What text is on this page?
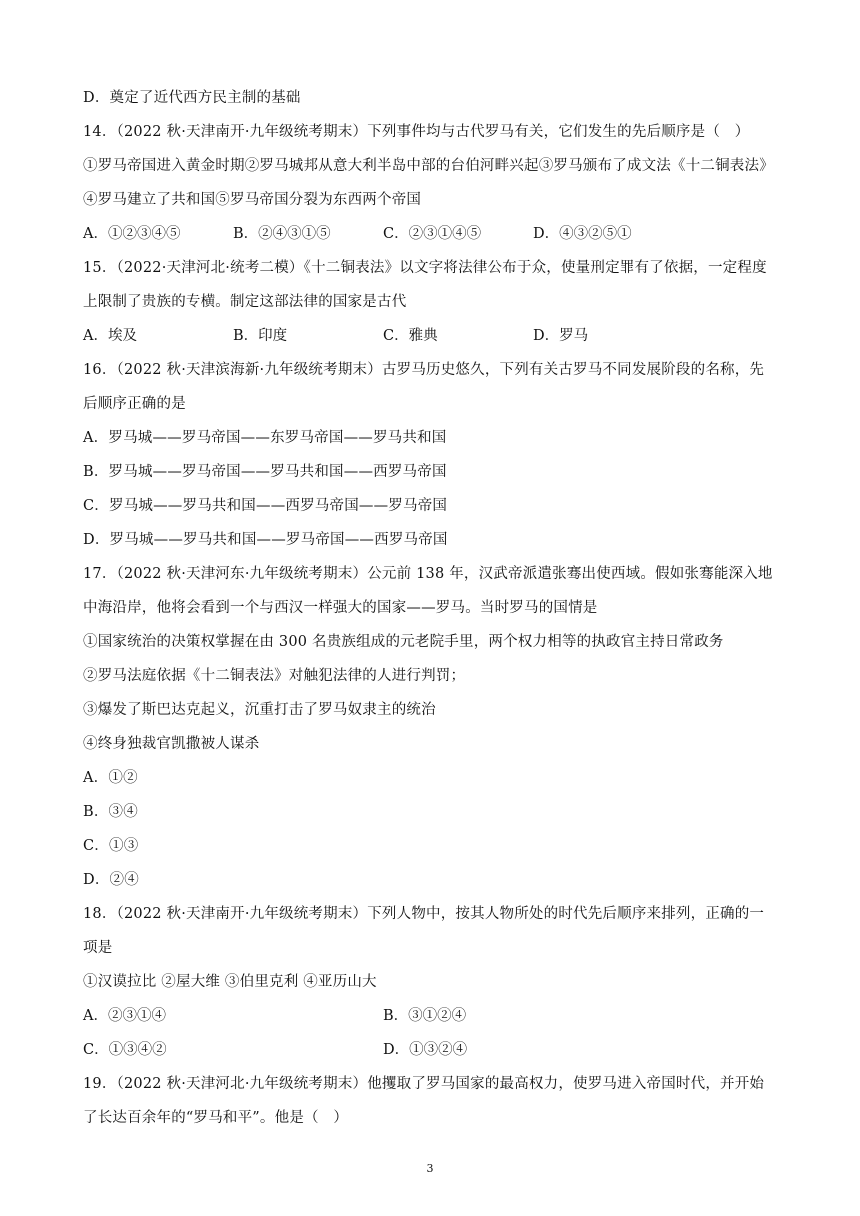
D．奠定了近代西方民主制的基础
14．（2022 秋·天津南开·九年级统考期末）下列事件均与古代罗马有关，它们发生的先后顺序是（　）
①罗马帝国进入黄金时期②罗马城邦从意大利半岛中部的台伯河畔兴起③罗马颁布了成文法《十二铜表法》
④罗马建立了共和国⑤罗马帝国分裂为东西两个帝国
A．①②③④⑤	B．②④③①⑤	C．②③①④⑤	D．④③②⑤①
15．（2022·天津河北·统考二模）《十二铜表法》以文字将法律公布于众，使量刑定罪有了依据，一定程度
上限制了贵族的专横。制定这部法律的国家是古代
A．埃及	B．印度	C．雅典	D．罗马
16．（2022 秋·天津滨海新·九年级统考期末）古罗马历史悠久，下列有关古罗马不同发展阶段的名称，先
后顺序正确的是
A．罗马城——罗马帝国——东罗马帝国——罗马共和国
B．罗马城——罗马帝国——罗马共和国——西罗马帝国
C．罗马城——罗马共和国——西罗马帝国——罗马帝国
D．罗马城——罗马共和国——罗马帝国——西罗马帝国
17．（2022 秋·天津河东·九年级统考期末）公元前 138 年，汉武帝派遣张骞出使西域。假如张骞能深入地
中海沿岸，他将会看到一个与西汉一样强大的国家——罗马。当时罗马的国情是
①国家统治的决策权掌握在由 300 名贵族组成的元老院手里，两个权力相等的执政官主持日常政务
②罗马法庭依据《十二铜表法》对触犯法律的人进行判罚；
③爆发了斯巴达克起义，沉重打击了罗马奴隶主的统治
④终身独裁官凯撒被人谋杀
A．①②
B．③④
C．①③
D．②④
18．（2022 秋·天津南开·九年级统考期末）下列人物中，按其人物所处的时代先后顺序来排列，正确的一
项是
①汉谟拉比 ②屋大维 ③伯里克利 ④亚历山大
A．②③①④	B．③①②④
C．①③④②	D．①③②④
19．（2022 秋·天津河北·九年级统考期末）他攫取了罗马国家的最高权力，使罗马进入帝国时代，并开始
了长达百余年的“罗马和平”。他是（　）
3
